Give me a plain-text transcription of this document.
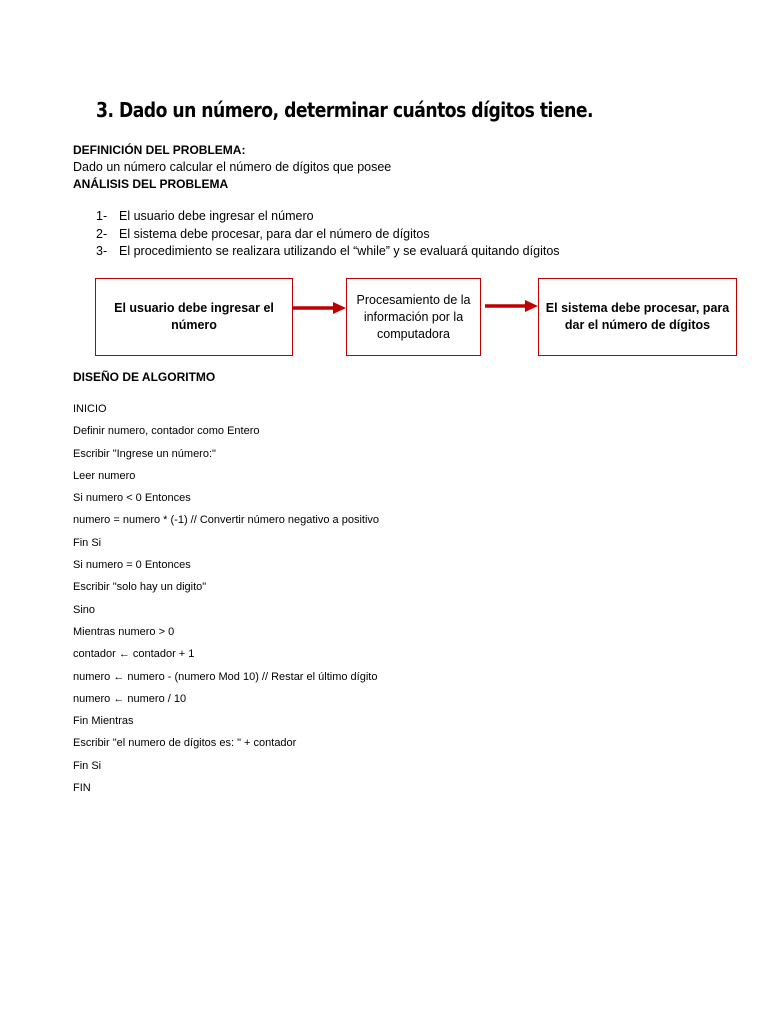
3. Dado un número, determinar cuántos dígitos tiene.
DEFINICIÓN DEL PROBLEMA:
Dado un número calcular el número de dígitos que posee
ANÁLISIS DEL PROBLEMA
1- El usuario debe ingresar el número
2- El sistema debe procesar, para dar el número de dígitos
3- El procedimiento se realizara utilizando el “while” y se evaluará quitando dígitos
El usuario debe ingresar el número
Procesamiento de la información por la computadora
El sistema debe procesar, para dar el número de dígitos
DISEÑO DE ALGORITMO
INICIO
Definir numero, contador como Entero
Escribir "Ingrese un número:"
Leer numero
Si numero < 0 Entonces
numero = numero * (-1) // Convertir número negativo a positivo
Fin Si
Si numero = 0 Entonces
Escribir "solo hay un digito"
Sino
Mientras numero > 0
contador ← contador + 1
numero ← numero - (numero Mod 10) // Restar el último dígito
numero ← numero / 10
Fin Mientras
Escribir "el numero de dígitos es: " + contador
Fin Si
FIN
